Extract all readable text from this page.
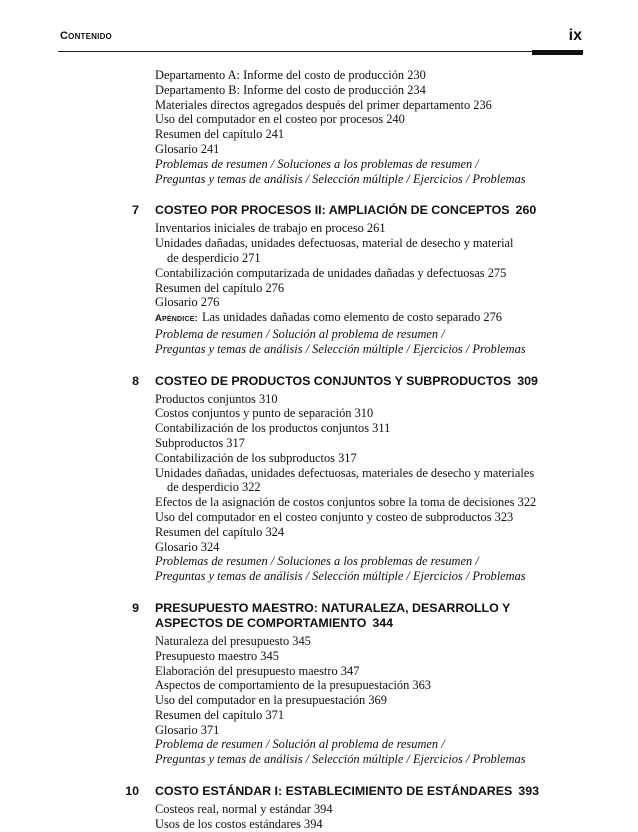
Contenido	ix
Departamento A: Informe del costo de producción 230
Departamento B: Informe del costo de producción 234
Materiales directos agregados después del primer departamento 236
Uso del computador en el costeo por procesos 240
Resumen del capítulo 241
Glosario 241
Problemas de resumen / Soluciones a los problemas de resumen /
Preguntas y temas de análisis / Selección múltiple / Ejercicios / Problemas
7 COSTEO POR PROCESOS II: AMPLIACIÓN DE CONCEPTOS 260
Inventarios iniciales de trabajo en proceso 261
Unidades dañadas, unidades defectuosas, material de desecho y material
de desperdicio 271
Contabilización computarizada de unidades dañadas y defectuosas 275
Resumen del capítulo 276
Glosario 276
Apéndice: Las unidades dañadas como elemento de costo separado 276
Problema de resumen / Solución al problema de resumen /
Preguntas y temas de análisis / Selección múltiple / Ejercicios / Problemas
8 COSTEO DE PRODUCTOS CONJUNTOS Y SUBPRODUCTOS 309
Productos conjuntos 310
Costos conjuntos y punto de separación 310
Contabilización de los productos conjuntos 311
Subproductos 317
Contabilización de los subproductos 317
Unidades dañadas, unidades defectuosas, materiales de desecho y materiales
de desperdicio 322
Efectos de la asignación de costos conjuntos sobre la toma de decisiones 322
Uso del computador en el costeo conjunto y costeo de subproductos 323
Resumen del capítulo 324
Glosario 324
Problemas de resumen / Soluciones a los problemas de resumen /
Preguntas y temas de análisis / Selección múltiple / Ejercicios / Problemas
9 PRESUPUESTO MAESTRO: NATURALEZA, DESARROLLO Y ASPECTOS DE COMPORTAMIENTO 344
Naturaleza del presupuesto 345
Presupuesto maestro 345
Elaboración del presupuesto maestro 347
Aspectos de comportamiento de la presupuestación 363
Uso del computador en la presupuestación 369
Resumen del capítulo 371
Glosario 371
Problema de resumen / Solución al problema de resumen /
Preguntas y temas de análisis / Selección múltiple / Ejercicios / Problemas
10 COSTO ESTÁNDAR I: ESTABLECIMIENTO DE ESTÁNDARES 393
Costeos real, normal y estándar 394
Usos de los costos estándares 394
